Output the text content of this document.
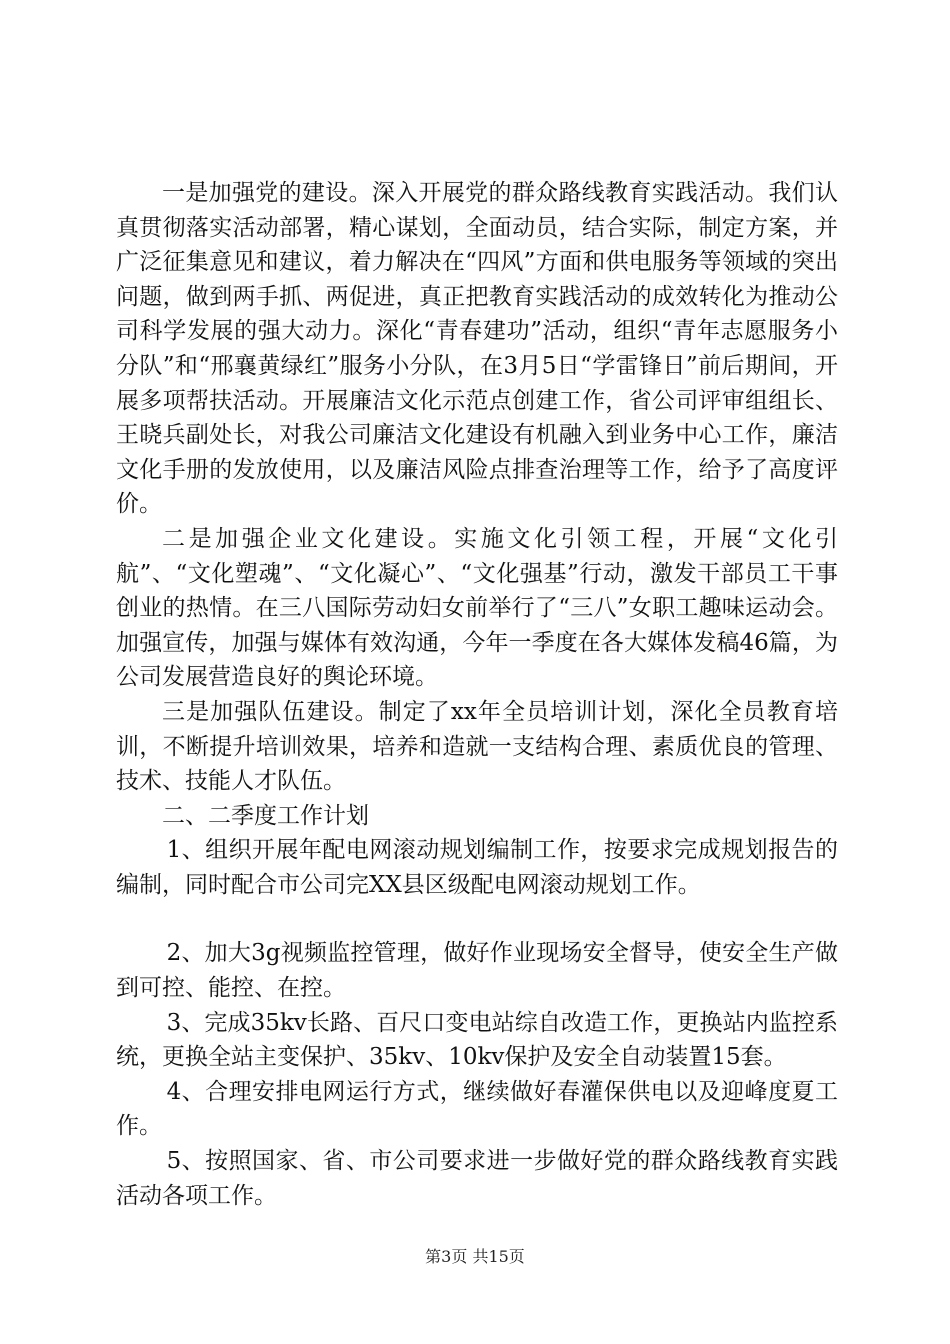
一是加强党的建设。深入开展党的群众路线教育实践活动。我们认真贯彻落实活动部署，精心谋划，全面动员，结合实际，制定方案，并广泛征集意见和建议，着力解决在“四风”方面和供电服务等领域的突出问题，做到两手抓、两促进，真正把教育实践活动的成效转化为推动公司科学发展的强大动力。深化“青春建功”活动，组织“青年志愿服务小分队”和“邢襄黄绿红”服务小分队，在3月5日“学雷锋日”前后期间，开展多项帮扶活动。开展廉洁文化示范点创建工作，省公司评审组组长、王晓兵副处长，对我公司廉洁文化建设有机融入到业务中心工作，廉洁文化手册的发放使用，以及廉洁风险点排查治理等工作，给予了高度评价。

二是加强企业文化建设。实施文化引领工程，开展“文化引航”、“文化塑魂”、“文化凝心”、“文化强基”行动，激发干部员工干事创业的热情。在三八国际劳动妇女前举行了“三八”女职工趣味运动会。加强宣传，加强与媒体有效沟通，今年一季度在各大媒体发稿46篇，为公司发展营造良好的舆论环境。

三是加强队伍建设。制定了xx年全员培训计划，深化全员教育培训，不断提升培训效果，培养和造就一支结构合理、素质优良的管理、技术、技能人才队伍。

二、二季度工作计划

1、组织开展年配电网滚动规划编制工作，按要求完成规划报告的编制，同时配合市公司完XX县区级配电网滚动规划工作。

2、加大3g视频监控管理，做好作业现场安全督导，使安全生产做到可控、能控、在控。

3、完成35kv长路、百尺口变电站综自改造工作，更换站内监控系统，更换全站主变保护、35kv、10kv保护及安全自动装置15套。

4、合理安排电网运行方式，继续做好春灌保供电以及迎峰度夏工作。

5、按照国家、省、市公司要求进一步做好党的群众路线教育实践活动各项工作。

第3页 共15页
